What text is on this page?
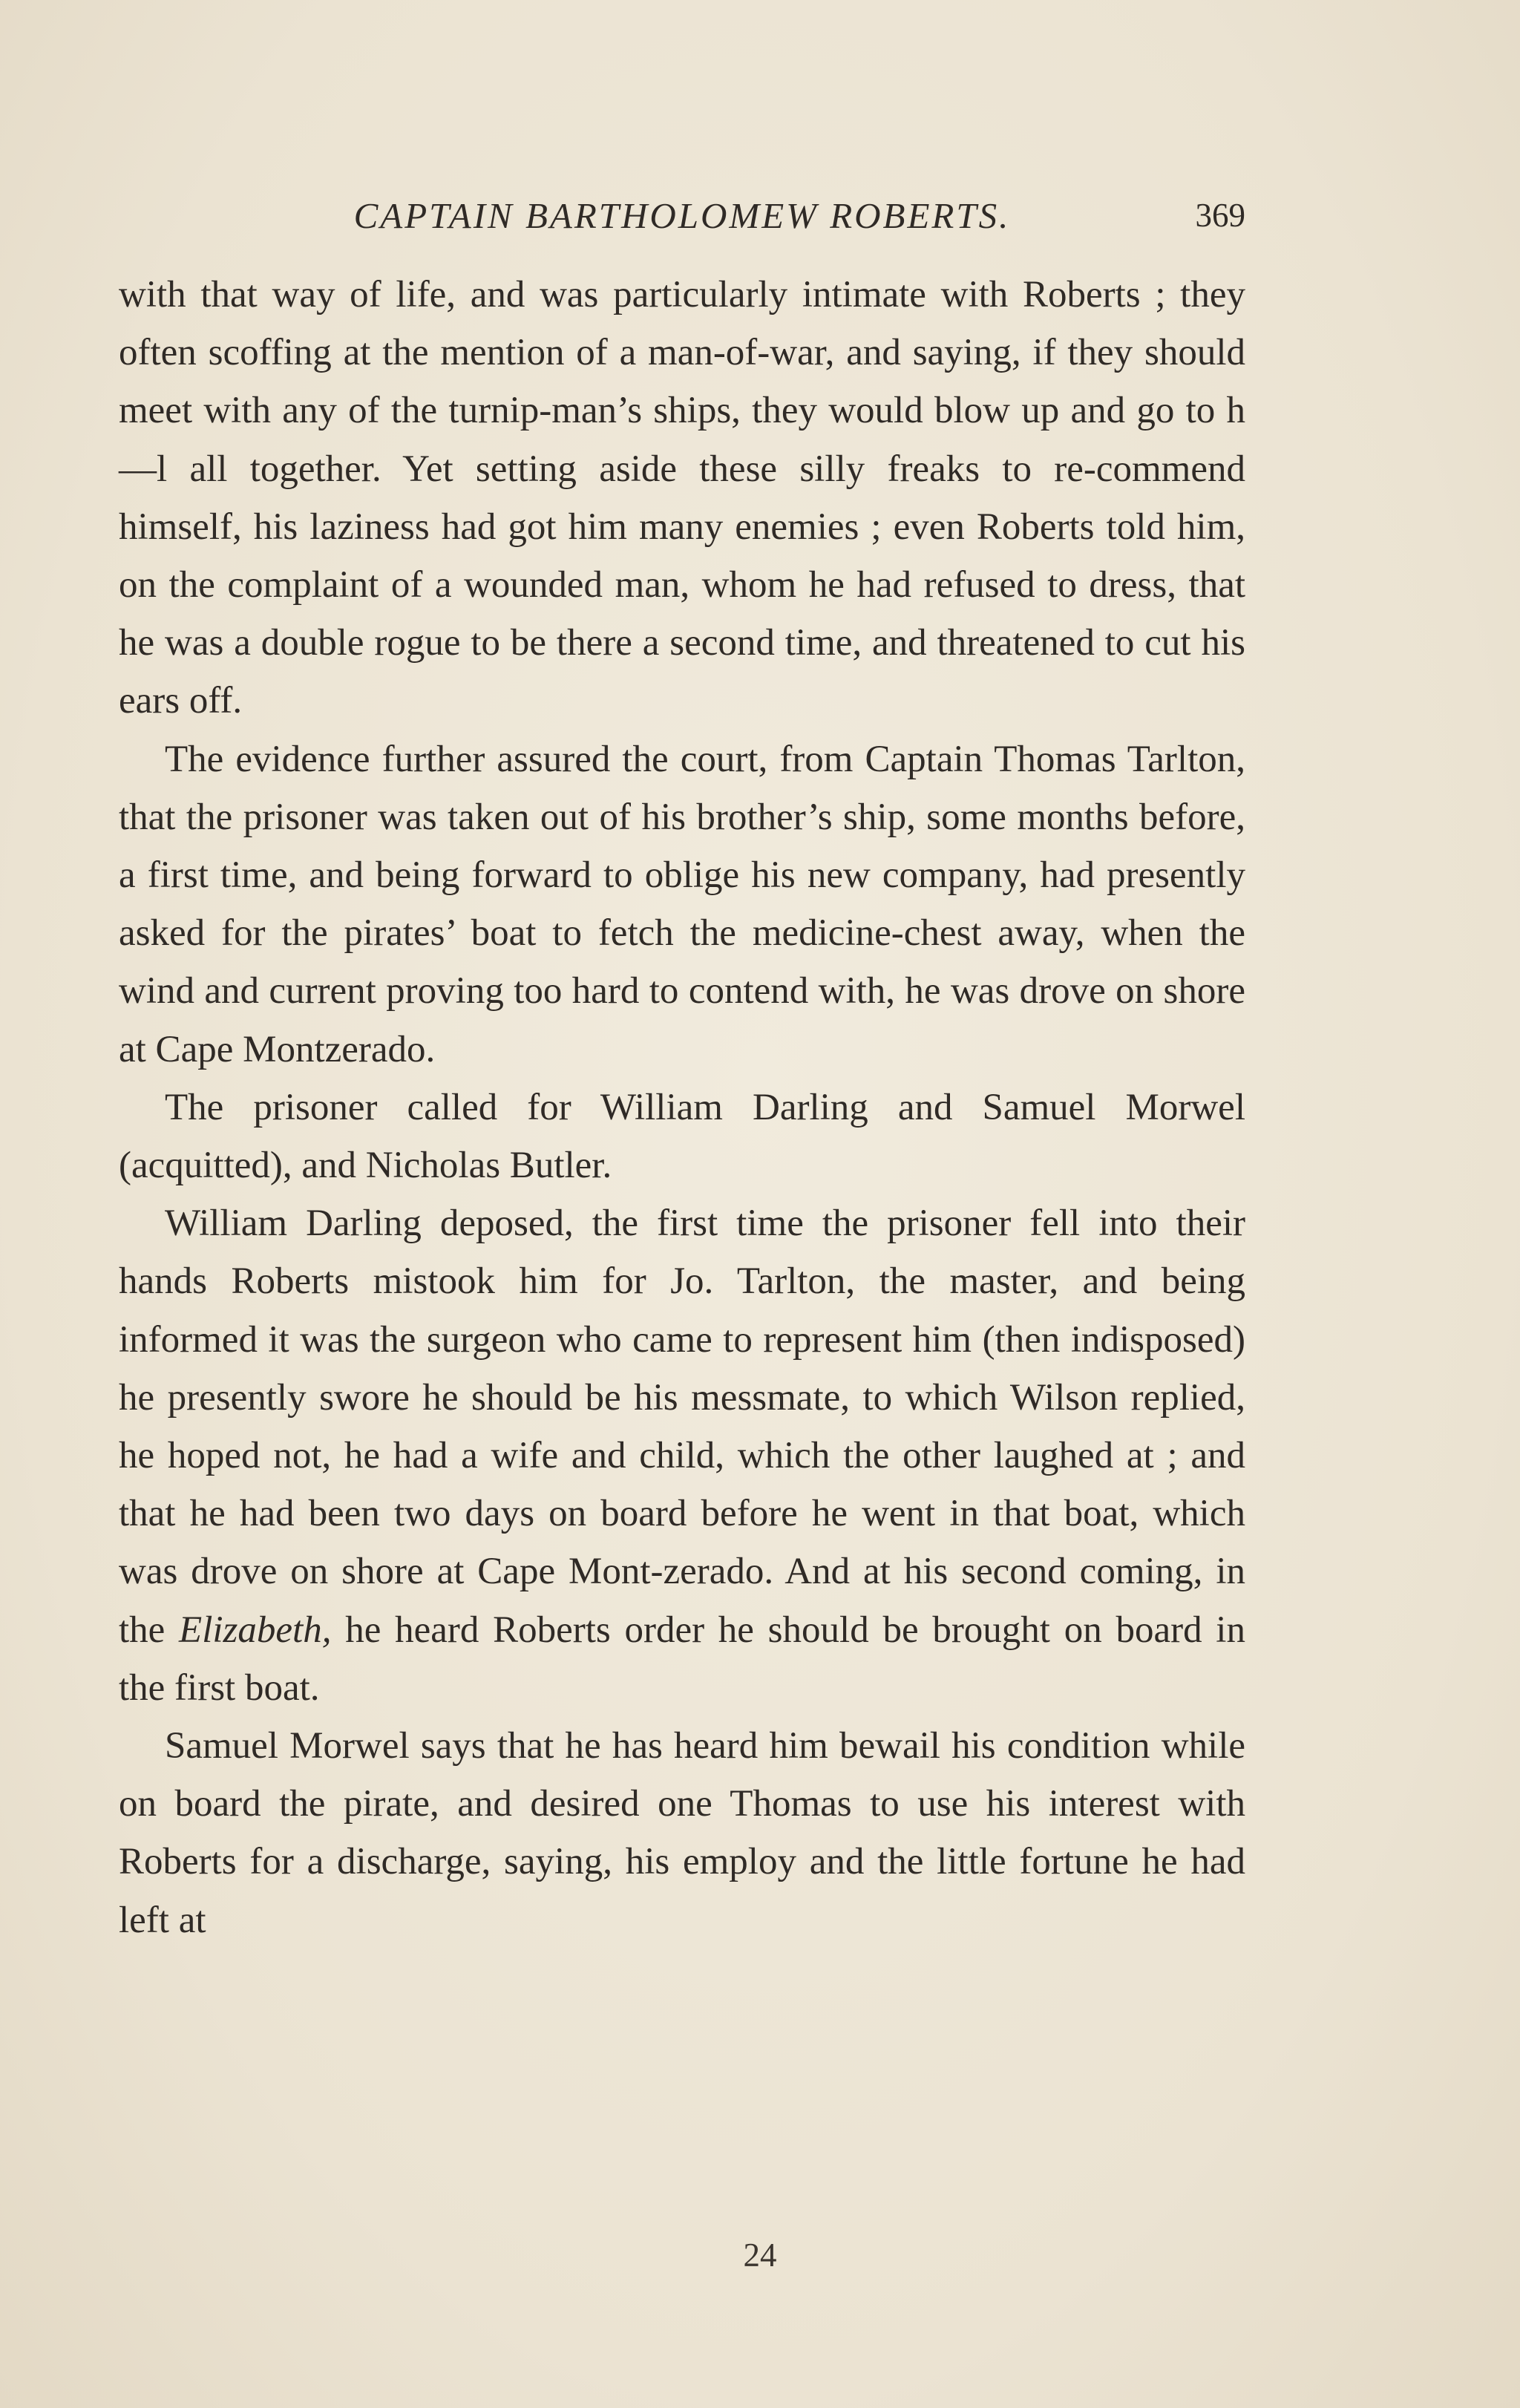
CAPTAIN BARTHOLOMEW ROBERTS.	369

with that way of life, and was particularly intimate with Roberts ; they often scoffing at the mention of a man-of-war, and saying, if they should meet with any of the turnip-man’s ships, they would blow up and go to h—l all together. Yet setting aside these silly freaks to re-commend himself, his laziness had got him many enemies ; even Roberts told him, on the complaint of a wounded man, whom he had refused to dress, that he was a double rogue to be there a second time, and threatened to cut his ears off.

The evidence further assured the court, from Captain Thomas Tarlton, that the prisoner was taken out of his brother’s ship, some months before, a first time, and being forward to oblige his new company, had presently asked for the pirates’ boat to fetch the medicine-chest away, when the wind and current proving too hard to contend with, he was drove on shore at Cape Montzerado.

The prisoner called for William Darling and Samuel Morwel (acquitted), and Nicholas Butler.

William Darling deposed, the first time the prisoner fell into their hands Roberts mistook him for Jo. Tarlton, the master, and being informed it was the surgeon who came to represent him (then indisposed) he presently swore he should be his messmate, to which Wilson replied, he hoped not, he had a wife and child, which the other laughed at ; and that he had been two days on board before he went in that boat, which was drove on shore at Cape Mont-zerado. And at his second coming, in the Elizabeth, he heard Roberts order he should be brought on board in the first boat.

Samuel Morwel says that he has heard him bewail his condition while on board the pirate, and desired one Thomas to use his interest with Roberts for a discharge, saying, his employ and the little fortune he had left at

24
